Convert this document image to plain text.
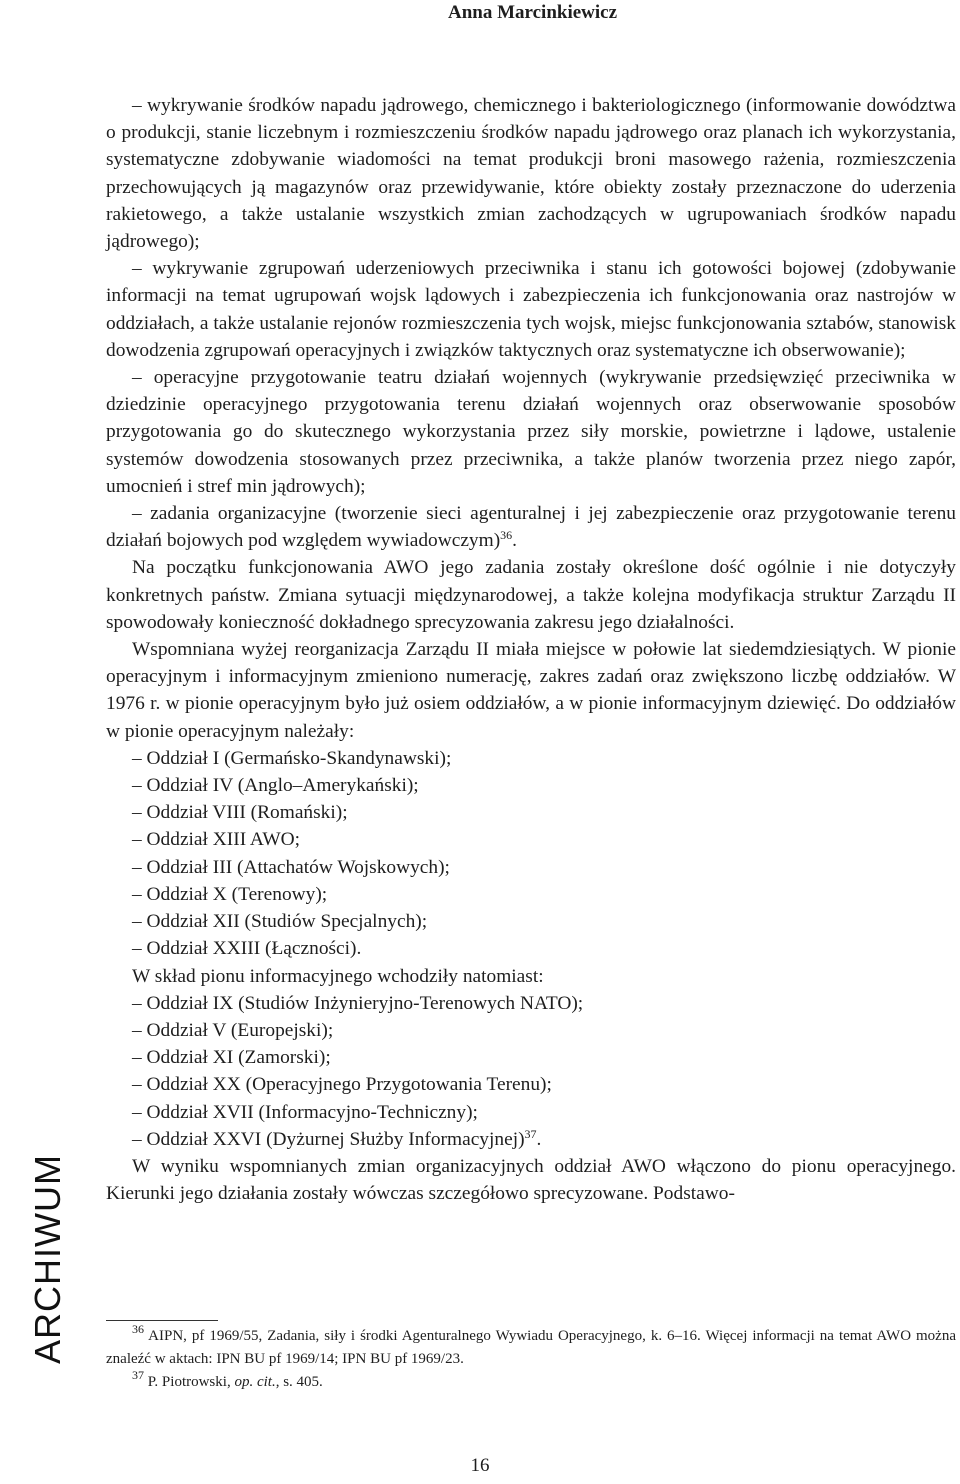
Anna Marcinkiewicz
ARCHIWUM

– wykrywanie środków napadu jądrowego, chemicznego i bakteriologicznego (informowanie dowództwa o produkcji, stanie liczebnym i rozmieszczeniu środków napadu jądrowego oraz planach ich wykorzystania, systematyczne zdobywanie wiadomości na temat produkcji broni masowego rażenia, rozmieszczenia przechowujących ją magazynów oraz przewidywanie, które obiekty zostały przeznaczone do uderzenia rakietowego, a także ustalanie wszystkich zmian zachodzących w ugrupowaniach środków napadu jądrowego);

– wykrywanie zgrupowań uderzeniowych przeciwnika i stanu ich gotowości bojowej (zdobywanie informacji na temat ugrupowań wojsk lądowych i zabezpieczenia ich funkcjonowania oraz nastrojów w oddziałach, a także ustalanie rejonów rozmieszczenia tych wojsk, miejsc funkcjonowania sztabów, stanowisk dowodzenia zgrupowań operacyjnych i związków taktycznych oraz systematyczne ich obserwowanie);

– operacyjne przygotowanie teatru działań wojennych (wykrywanie przedsięwzięć przeciwnika w dziedzinie operacyjnego przygotowania terenu działań wojennych oraz obserwowanie sposobów przygotowania go do skutecznego wykorzystania przez siły morskie, powietrzne i lądowe, ustalenie systemów dowodzenia stosowanych przez przeciwnika, a także planów tworzenia przez niego zapór, umocnień i stref min jądrowych);

– zadania organizacyjne (tworzenie sieci agenturalnej i jej zabezpieczenie oraz przygotowanie terenu działań bojowych pod względem wywiadowczym)$^{36}$.

Na początku funkcjonowania AWO jego zadania zostały określone dość ogólnie i nie dotyczyły konkretnych państw. Zmiana sytuacji międzynarodowej, a także kolejna modyfikacja struktur Zarządu II spowodowały konieczność dokładnego sprecyzowania zakresu jego działalności.

Wspomniana wyżej reorganizacja Zarządu II miała miejsce w połowie lat siedemdziesiątych. W pionie operacyjnym i informacyjnym zmieniono numerację, zakres zadań oraz zwiększono liczbę oddziałów. W 1976 r. w pionie operacyjnym było już osiem oddziałów, a w pionie informacyjnym dziewięć. Do oddziałów w pionie operacyjnym należały:

– Oddział I (Germańsko-Skandynawski);

– Oddział IV (Anglo‒Amerykański);

– Oddział VIII (Romański);

– Oddział XIII AWO;

– Oddział III (Attachatów Wojskowych);

– Oddział X (Terenowy);

– Oddział XII (Studiów Specjalnych);

– Oddział XXIII (Łączności).

W skład pionu informacyjnego wchodziły natomiast:

– Oddział IX (Studiów Inżynieryjno-Terenowych NATO);

– Oddział V (Europejski);

– Oddział XI (Zamorski);

– Oddział XX (Operacyjnego Przygotowania Terenu);

– Oddział XVII (Informacyjno-Techniczny);

– Oddział XXVI (Dyżurnej Służby Informacyjnej)$^{37}$.

W wyniku wspomnianych zmian organizacyjnych oddział AWO włączono do pionu operacyjnego. Kierunki jego działania zostały wówczas szczegółowo sprecyzowane. Podstawo-

$^{36}$ AIPN, pf 1969/55, Zadania, siły i środki Agenturalnego Wywiadu Operacyjnego, k. 6–16. Więcej informacji na temat AWO można znaleźć w aktach: IPN BU pf 1969/14; IPN BU pf 1969/23.

$^{37}$ P. Piotrowski, op. cit., s. 405.

16
